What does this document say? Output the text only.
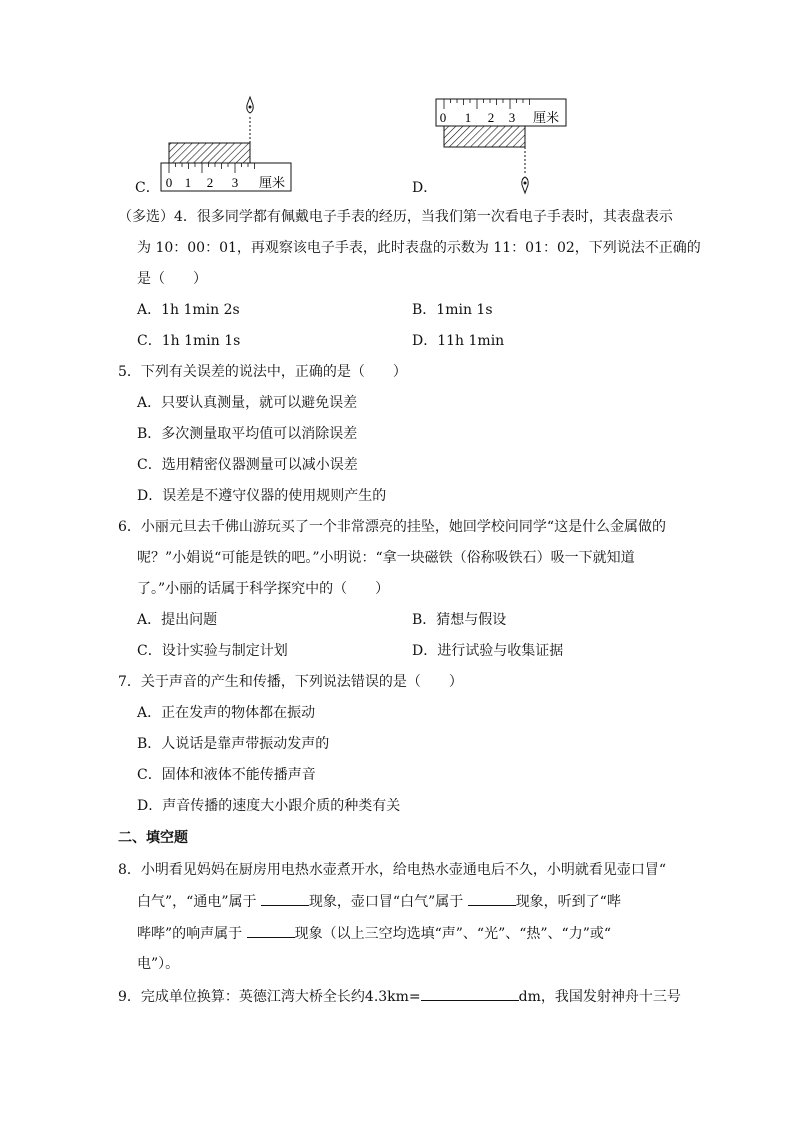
C． 0 1 2 3 厘米	D．
0 1 2 3 厘米
（多选）4．很多同学都有佩戴电子手表的经历，当我们第一次看电子手表时，其表盘表示
为 10：00：01，再观察该电子手表，此时表盘的示数为 11：01：02，下列说法不正确的
是（　　）
A．1h 1min 2s	B．1min 1s
C．1h 1min 1s	D．11h 1min
5．下列有关误差的说法中，正确的是（　　）
A．只要认真测量，就可以避免误差
B．多次测量取平均值可以消除误差
C．选用精密仪器测量可以减小误差
D．误差是不遵守仪器的使用规则产生的
6．小丽元旦去千佛山游玩买了一个非常漂亮的挂坠，她回学校问同学“这是什么金属做的
呢？”小娟说“可能是铁的吧。”小明说：“拿一块磁铁（俗称吸铁石）吸一下就知道
了。”小丽的话属于科学探究中的（　　）
A．提出问题	B．猜想与假设
C．设计实验与制定计划	D．进行试验与收集证据
7．关于声音的产生和传播，下列说法错误的是（　　）
A．正在发声的物体都在振动
B．人说话是靠声带振动发声的
C．固体和液体不能传播声音
D．声音传播的速度大小跟介质的种类有关
二、填空题
8．小明看见妈妈在厨房用电热水壶煮开水，给电热水壶通电后不久，小明就看见壶口冒“
白气”，“通电”属于	现象，壶口冒“白气”属于	现象，听到了“哔
哔哔”的响声属于	现象（以上三空均选填“声”、“光”、“热”、“力”或“
电”）。
9．完成单位换算：英德江湾大桥全长约4.3km=	dm，我国发射神舟十三号
